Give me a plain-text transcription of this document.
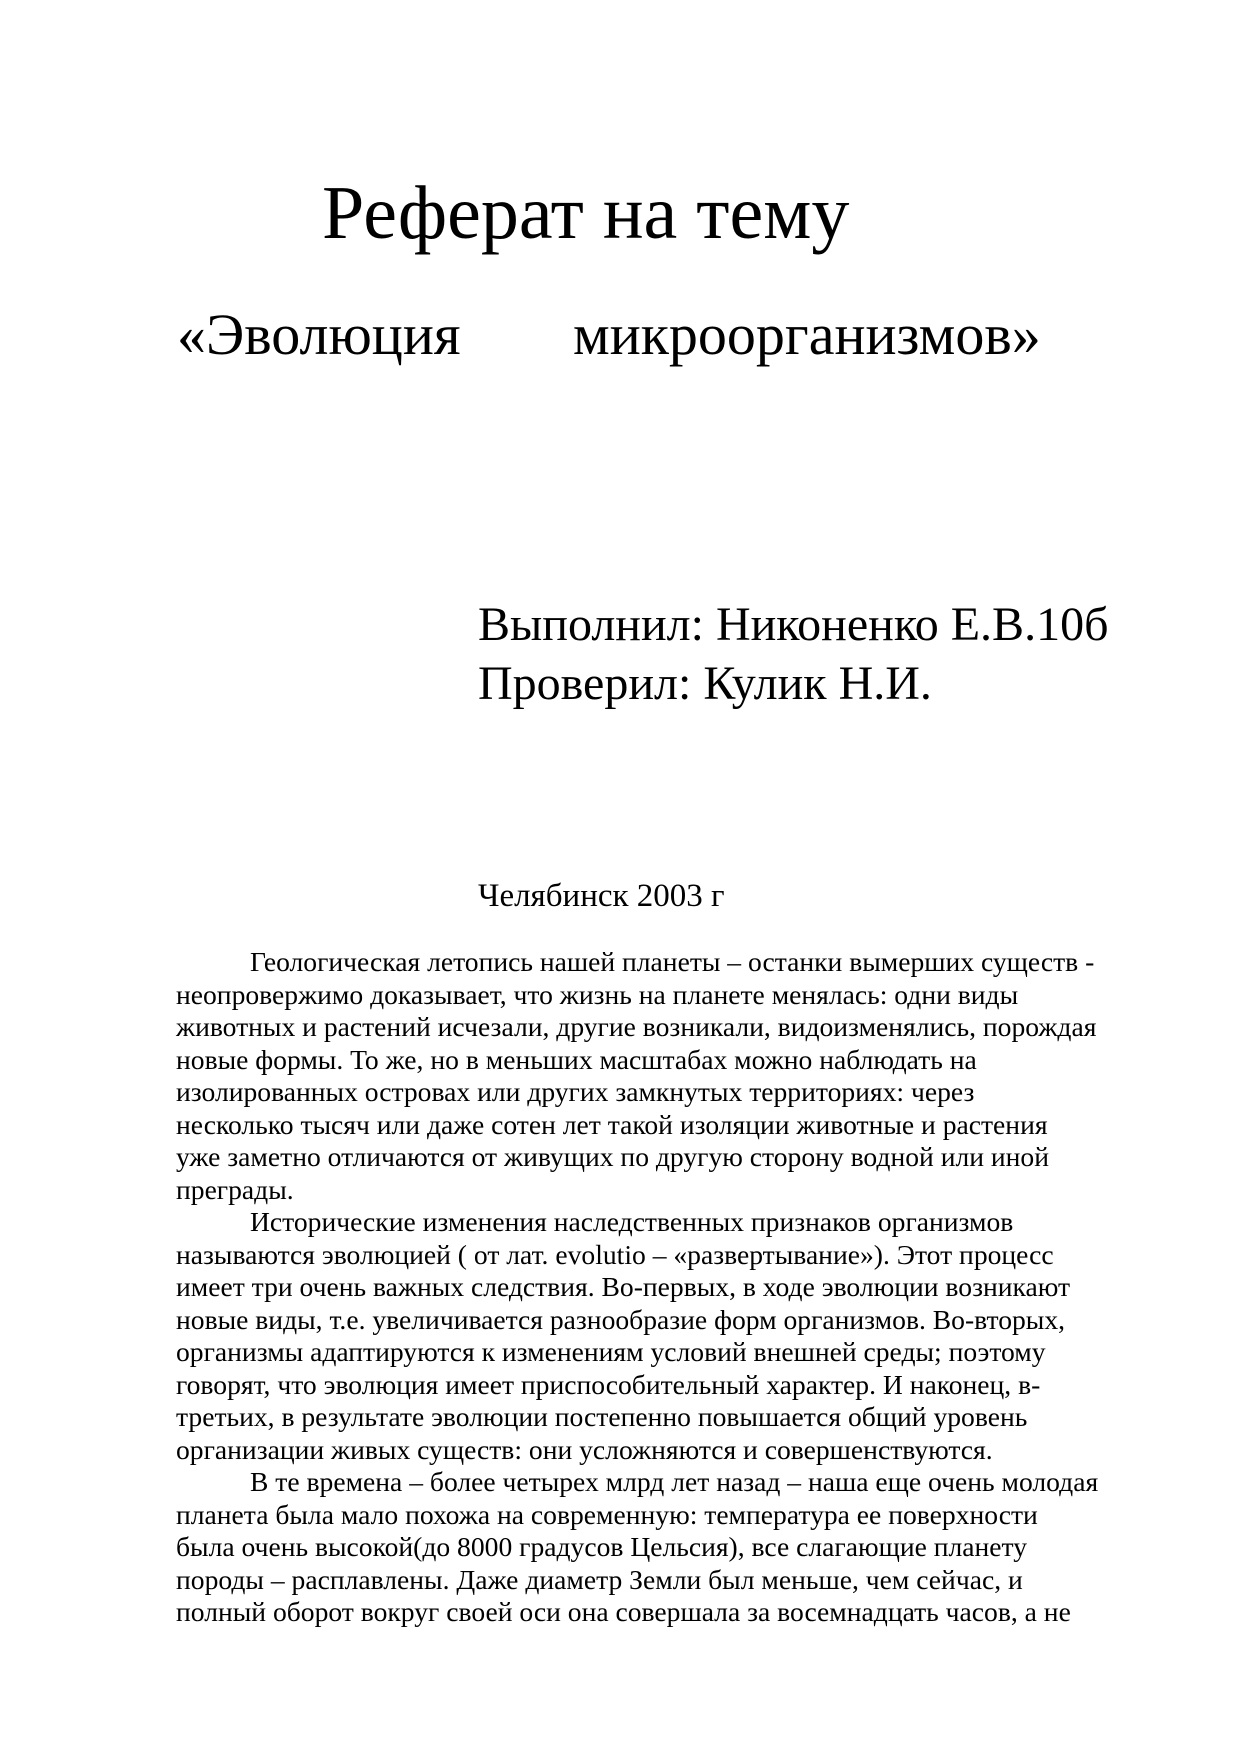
Реферат на тему
«Эволюция микроорганизмов»
Выполнил: Никоненко Е.В.10б
Проверил: Кулик Н.И.
Челябинск 2003 г
Геологическая летопись нашей планеты – останки вымерших существ -
неопровержимо доказывает, что жизнь на планете менялась: одни виды
животных и растений исчезали, другие возникали, видоизменялись, порождая
новые формы. То же, но в меньших масштабах можно наблюдать на
изолированных островах или других замкнутых территориях: через
несколько тысяч или даже сотен лет такой изоляции животные и растения
уже заметно отличаются от живущих по другую сторону водной или иной
преграды.
Исторические изменения наследственных признаков организмов
называются эволюцией ( от лат. evolutio – «развертывание»). Этот процесс
имеет три очень важных следствия. Во-первых, в ходе эволюции возникают
новые виды, т.е. увеличивается разнообразие форм организмов. Во-вторых,
организмы адаптируются к изменениям условий внешней среды; поэтому
говорят, что эволюция имеет приспособительный характер. И наконец, в-
третьих, в результате эволюции постепенно повышается общий уровень
организации живых существ: они усложняются и совершенствуются.
В те времена – более четырех млрд лет назад – наша еще очень молодая
планета была мало похожа на современную: температура ее поверхности
была очень высокой(до 8000 градусов Цельсия), все слагающие планету
породы – расплавлены. Даже диаметр Земли был меньше, чем сейчас, и
полный оборот вокруг своей оси она совершала за восемнадцать часов, а не
